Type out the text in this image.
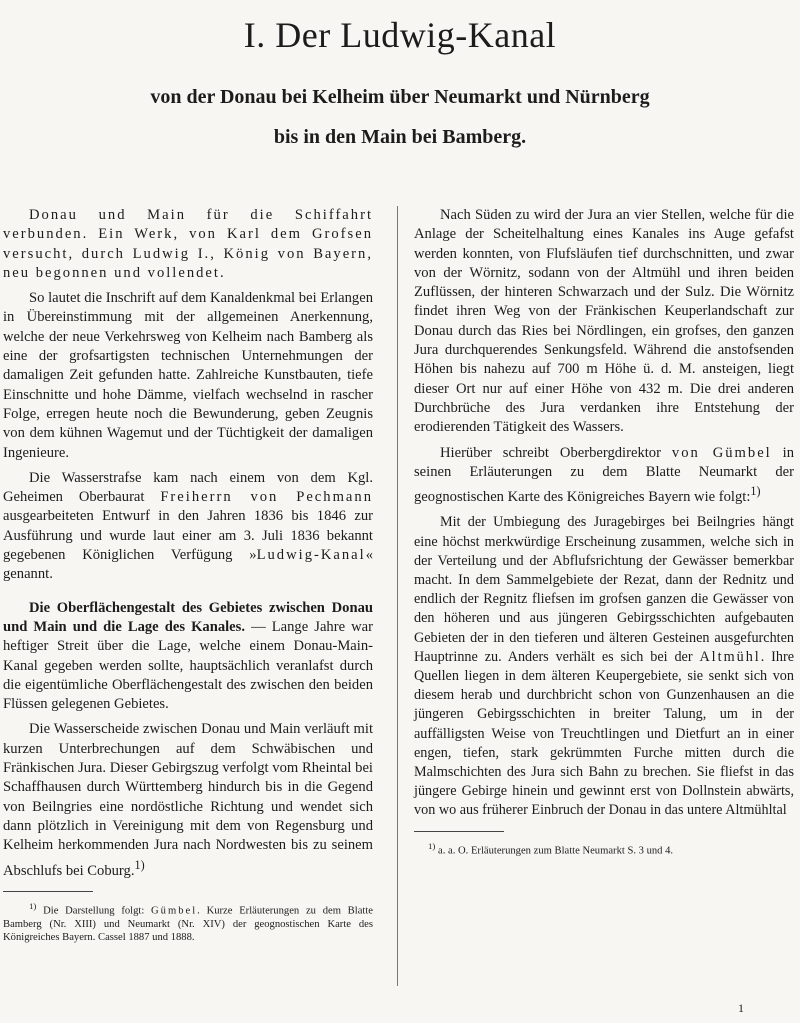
I. Der Ludwig-Kanal
von der Donau bei Kelheim über Neumarkt und Nürnberg
bis in den Main bei Bamberg.

Donau und Main für die Schiffahrt verbunden. Ein Werk, von Karl dem Grofsen versucht, durch Ludwig I., König von Bayern, neu begonnen und vollendet.

So lautet die Inschrift auf dem Kanaldenkmal bei Erlangen in Übereinstimmung mit der allgemeinen Anerkennung, welche der neue Verkehrsweg von Kelheim nach Bamberg als eine der grofsartigsten technischen Unternehmungen der damaligen Zeit gefunden hatte. Zahlreiche Kunstbauten, tiefe Einschnitte und hohe Dämme, vielfach wechselnd in rascher Folge, erregen heute noch die Bewunderung, geben Zeugnis von dem kühnen Wagemut und der Tüchtigkeit der damaligen Ingenieure.

Die Wasserstrafse kam nach einem von dem Kgl. Geheimen Oberbaurat Freiherrn von Pechmann ausgearbeiteten Entwurf in den Jahren 1836 bis 1846 zur Ausführung und wurde laut einer am 3. Juli 1836 bekannt gegebenen Königlichen Verfügung »Ludwig-Kanal« genannt.

Die Oberflächengestalt des Gebietes zwischen Donau und Main und die Lage des Kanales. — Lange Jahre war heftiger Streit über die Lage, welche einem Donau-Main-Kanal gegeben werden sollte, hauptsächlich veranlafst durch die eigentümliche Oberflächengestalt des zwischen den beiden Flüssen gelegenen Gebietes.

Die Wasserscheide zwischen Donau und Main verläuft mit kurzen Unterbrechungen auf dem Schwäbischen und Fränkischen Jura. Dieser Gebirgszug verfolgt vom Rheintal bei Schaffhausen durch Württemberg hindurch bis in die Gegend von Beilngries eine nordöstliche Richtung und wendet sich dann plötzlich in Vereinigung mit dem von Regensburg und Kelheim herkommenden Jura nach Nordwesten bis zu seinem Abschlufs bei Coburg.$^{1)}$

$^{1)}$ Die Darstellung folgt: Gümbel. Kurze Erläuterungen zu dem Blatte Bamberg (Nr. XIII) und Neumarkt (Nr. XIV) der geognostischen Karte des Königreiches Bayern. Cassel 1887 und 1888.

Nach Süden zu wird der Jura an vier Stellen, welche für die Anlage der Scheitelhaltung eines Kanales ins Auge gefafst werden konnten, von Flufsläufen tief durchschnitten, und zwar von der Wörnitz, sodann von der Altmühl und ihren beiden Zuflüssen, der hinteren Schwarzach und der Sulz. Die Wörnitz findet ihren Weg von der Fränkischen Keuperlandschaft zur Donau durch das Ries bei Nördlingen, ein grofses, den ganzen Jura durchquerendes Senkungsfeld. Während die anstofsenden Höhen bis nahezu auf 700 m Höhe ü. d. M. ansteigen, liegt dieser Ort nur auf einer Höhe von 432 m. Die drei anderen Durchbrüche des Jura verdanken ihre Entstehung der erodierenden Tätigkeit des Wassers.

Hierüber schreibt Oberbergdirektor von Gümbel in seinen Erläuterungen zu dem Blatte Neumarkt der geognostischen Karte des Königreiches Bayern wie folgt:$^{1)}$

Mit der Umbiegung des Juragebirges bei Beilngries hängt eine höchst merkwürdige Erscheinung zusammen, welche sich in der Verteilung und der Abflufsrichtung der Gewässer bemerkbar macht. In dem Sammelgebiete der Rezat, dann der Rednitz und endlich der Regnitz fliefsen im grofsen ganzen die Gewässer von den höheren und aus jüngeren Gebirgsschichten aufgebauten Gebieten der in den tieferen und älteren Gesteinen ausgefurchten Hauptrinne zu. Anders verhält es sich bei der Altmühl. Ihre Quellen liegen in dem älteren Keupergebiete, sie senkt sich von diesem herab und durchbricht schon von Gunzenhausen an die jüngeren Gebirgsschichten in breiter Talung, um in der auffälligsten Weise von Treuchtlingen und Dietfurt an in einer engen, tiefen, stark gekrümmten Furche mitten durch die Malmschichten des Jura sich Bahn zu brechen. Sie fliefst in das jüngere Gebirge hinein und gewinnt erst von Dollnstein abwärts, von wo aus früherer Einbruch der Donau in das untere Altmühltal

$^{1)}$ a. a. O. Erläuterungen zum Blatte Neumarkt S. 3 und 4.

1
